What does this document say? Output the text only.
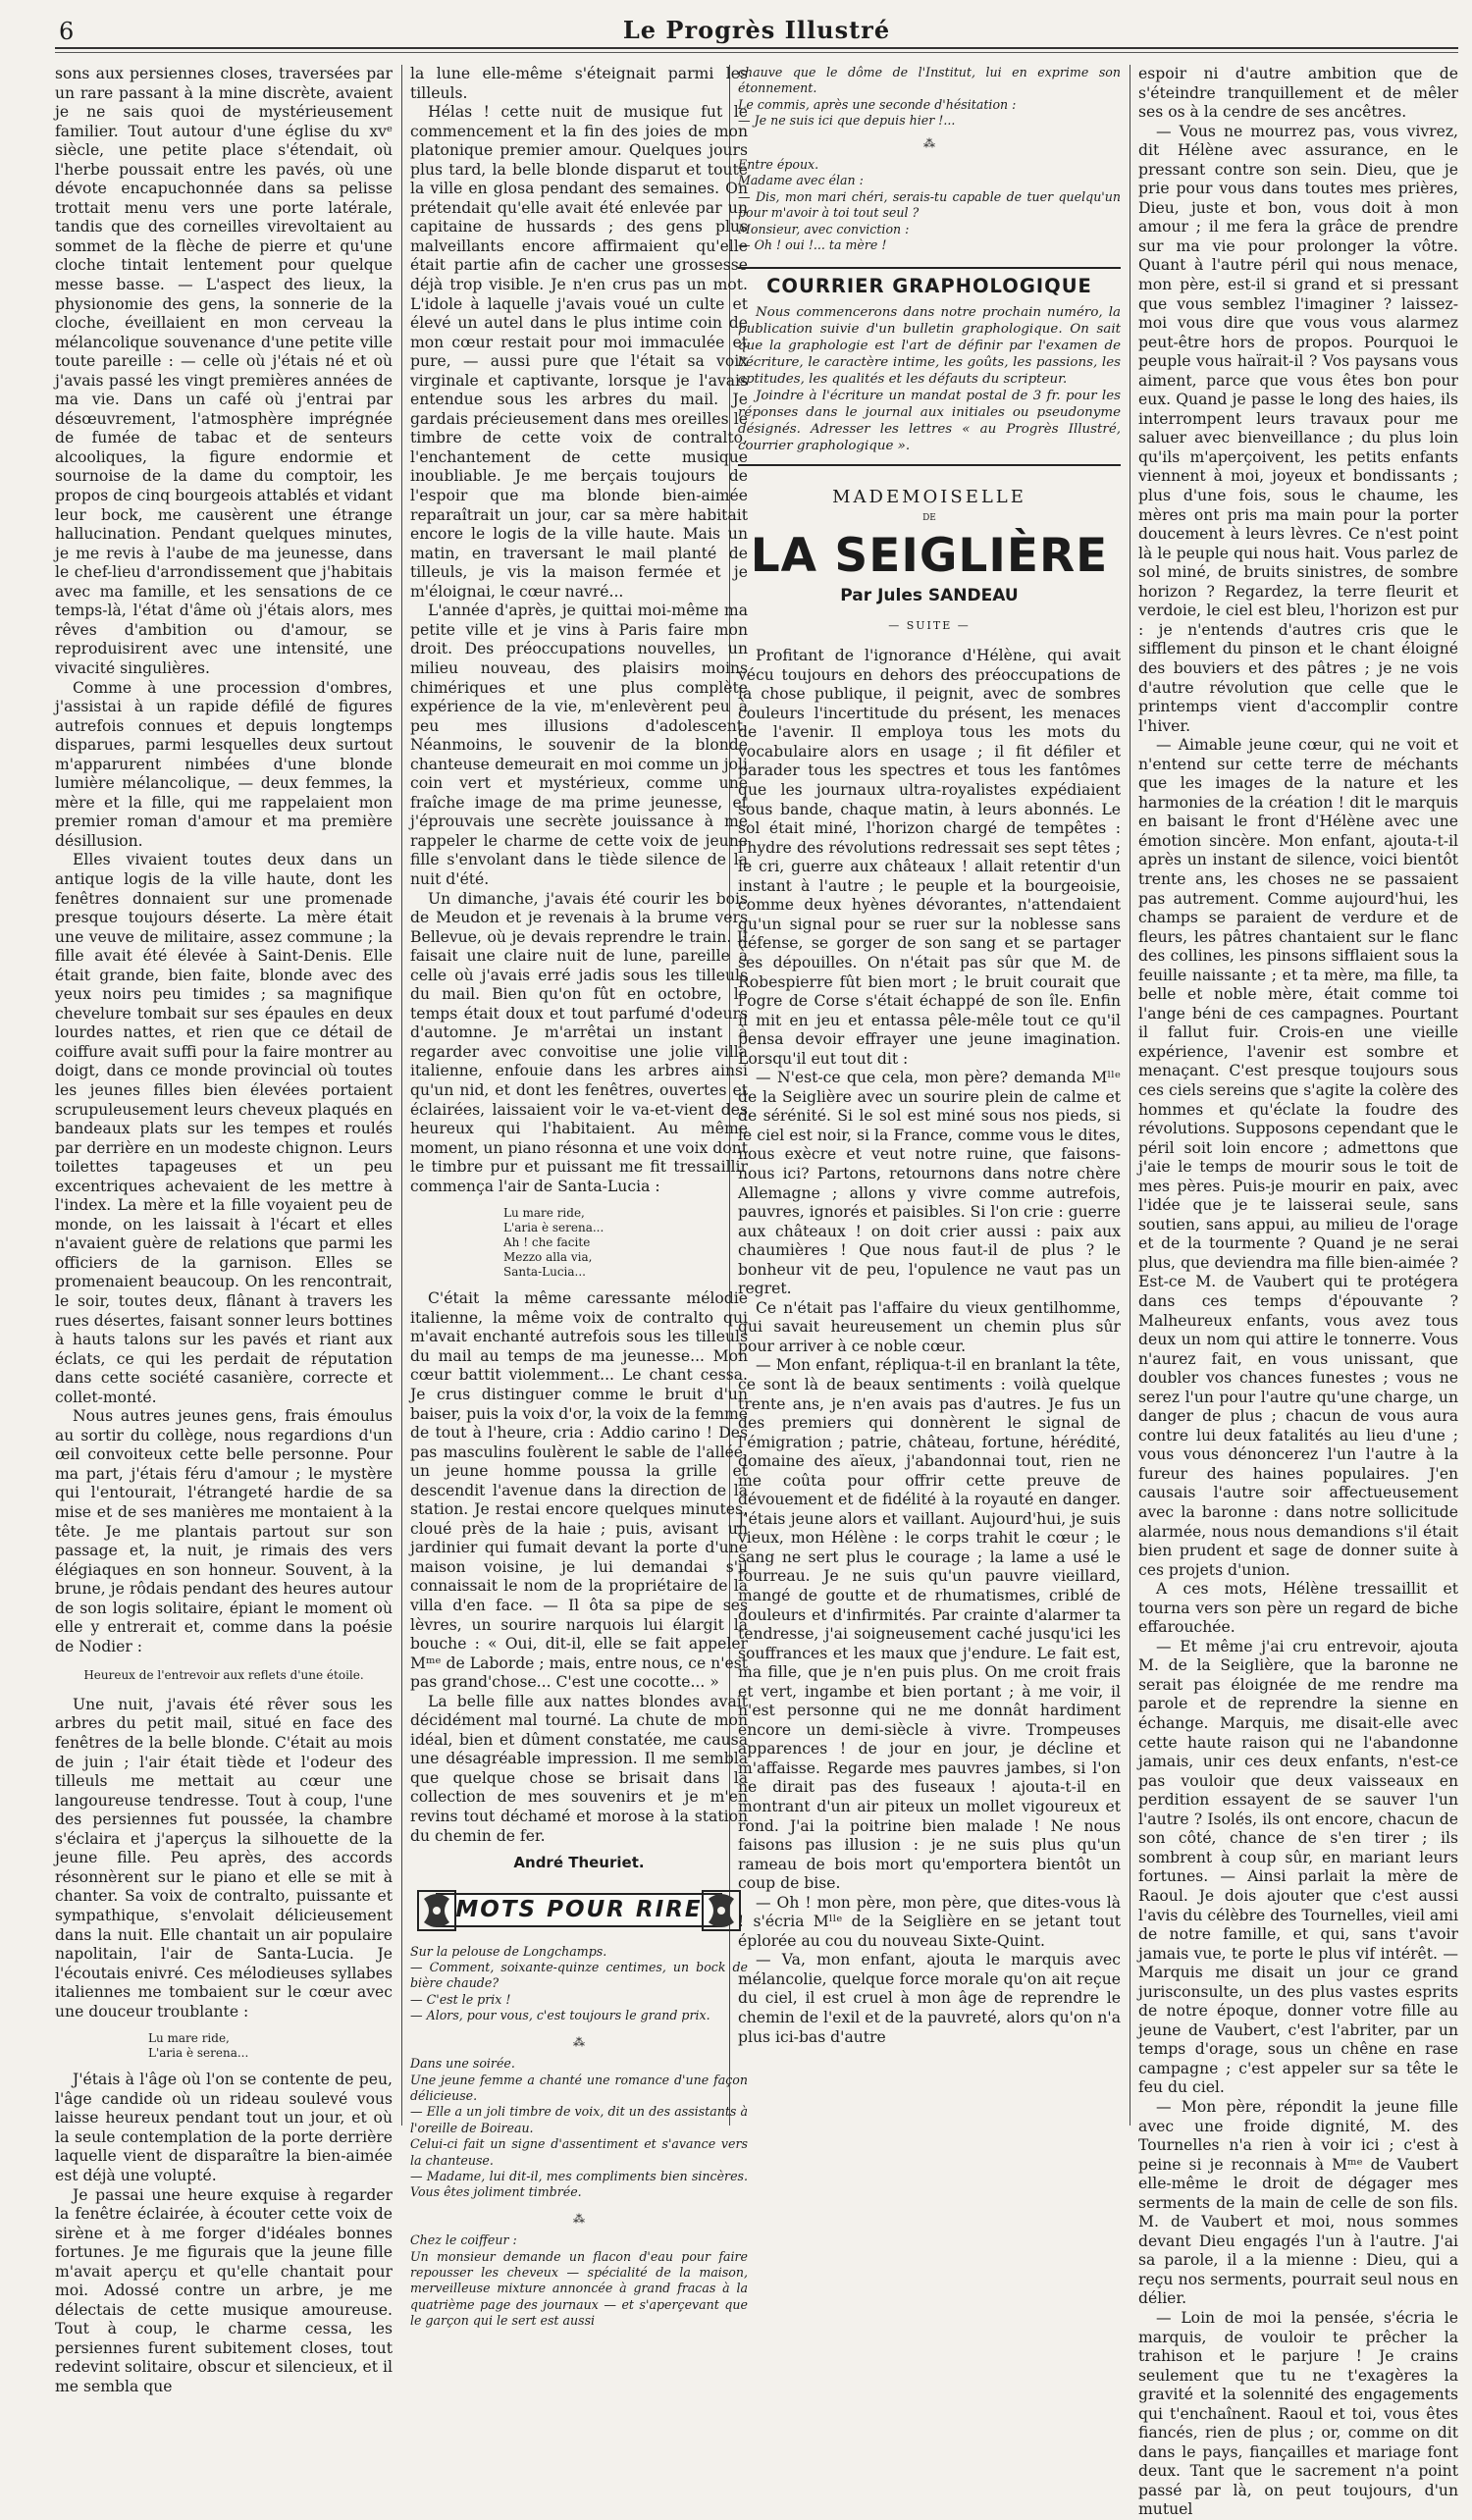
6	Le Progrès Illustré

sons aux persiennes closes, traversées par un rare passant à la mine discrète, avaient je ne sais quoi de mystérieusement familier. Tout autour d'une église du xvᵉ siècle, une petite place s'étendait, où l'herbe poussait entre les pavés, où une dévote encapuchonnée dans sa pelisse trottait menu vers une porte latérale, tandis que des corneilles virevoltaient au sommet de la flèche de pierre et qu'une cloche tintait lentement pour quelque messe basse. — L'aspect des lieux, la physionomie des gens, la sonnerie de la cloche, éveillaient en mon cerveau la mélancolique souvenance d'une petite ville toute pareille : — celle où j'étais né et où j'avais passé les vingt premières années de ma vie. Dans un café où j'entrai par désœuvrement, l'atmosphère imprégnée de fumée de tabac et de senteurs alcooliques, la figure endormie et sournoise de la dame du comptoir, les propos de cinq bourgeois attablés et vidant leur bock, me causèrent une étrange hallucination. Pendant quelques minutes, je me revis à l'aube de ma jeunesse, dans le chef-lieu d'arrondissement que j'habitais avec ma famille, et les sensations de ce temps-là, l'état d'âme où j'étais alors, mes rêves d'ambition ou d'amour, se reproduisirent avec une intensité, une vivacité singulières.

Comme à une procession d'ombres, j'assistai à un rapide défilé de figures autrefois connues et depuis longtemps disparues, parmi lesquelles deux surtout m'apparurent nimbées d'une blonde lumière mélancolique, — deux femmes, la mère et la fille, qui me rappelaient mon premier roman d'amour et ma première désillusion.

Elles vivaient toutes deux dans un antique logis de la ville haute, dont les fenêtres donnaient sur une promenade presque toujours déserte. La mère était une veuve de militaire, assez commune ; la fille avait été élevée à Saint-Denis. Elle était grande, bien faite, blonde avec des yeux noirs peu timides ; sa magnifique chevelure tombait sur ses épaules en deux lourdes nattes, et rien que ce détail de coiffure avait suffi pour la faire montrer au doigt, dans ce monde provincial où toutes les jeunes filles bien élevées portaient scrupuleusement leurs cheveux plaqués en bandeaux plats sur les tempes et roulés par derrière en un modeste chignon. Leurs toilettes tapageuses et un peu excentriques achevaient de les mettre à l'index. La mère et la fille voyaient peu de monde, on les laissait à l'écart et elles n'avaient guère de relations que parmi les officiers de la garnison. Elles se promenaient beaucoup. On les rencontrait, le soir, toutes deux, flânant à travers les rues désertes, faisant sonner leurs bottines à hauts talons sur les pavés et riant aux éclats, ce qui les perdait de réputation dans cette société casanière, correcte et collet-monté.

Nous autres jeunes gens, frais émoulus au sortir du collège, nous regardions d'un œil convoiteux cette belle personne. Pour ma part, j'étais féru d'amour ; le mystère qui l'entourait, l'étrangeté hardie de sa mise et de ses manières me montaient à la tête. Je me plantais partout sur son passage et, la nuit, je rimais des vers élégiaques en son honneur. Souvent, à la brune, je rôdais pendant des heures autour de son logis solitaire, épiant le moment où elle y entrerait et, comme dans la poésie de Nodier :

Heureux de l'entrevoir aux reflets d'une étoile.

Une nuit, j'avais été rêver sous les arbres du petit mail, situé en face des fenêtres de la belle blonde. C'était au mois de juin ; l'air était tiède et l'odeur des tilleuls me mettait au cœur une langoureuse tendresse. Tout à coup, l'une des persiennes fut poussée, la chambre s'éclaira et j'aperçus la silhouette de la jeune fille. Peu après, des accords résonnèrent sur le piano et elle se mit à chanter. Sa voix de contralto, puissante et sympathique, s'envolait délicieusement dans la nuit. Elle chantait un air populaire napolitain, l'air de Santa-Lucia. Je l'écoutais enivré. Ces mélodieuses syllabes italiennes me tombaient sur le cœur avec une douceur troublante :

Lu mare ride,
L'aria è serena...

J'étais à l'âge où l'on se contente de peu, l'âge candide où un rideau soulevé vous laisse heureux pendant tout un jour, et où la seule contemplation de la porte derrière laquelle vient de disparaître la bien-aimée est déjà une volupté.

Je passai une heure exquise à regarder la fenêtre éclairée, à écouter cette voix de sirène et à me forger d'idéales bonnes fortunes. Je me figurais que la jeune fille m'avait aperçu et qu'elle chantait pour moi. Adossé contre un arbre, je me délectais de cette musique amoureuse. Tout à coup, le charme cessa, les persiennes furent subitement closes, tout redevint solitaire, obscur et silencieux, et il me sembla que

la lune elle-même s'éteignait parmi les tilleuls.

Hélas ! cette nuit de musique fut le commencement et la fin des joies de mon platonique premier amour. Quelques jours plus tard, la belle blonde disparut et toute la ville en glosa pendant des semaines. On prétendait qu'elle avait été enlevée par un capitaine de hussards ; des gens plus malveillants encore affirmaient qu'elle était partie afin de cacher une grossesse déjà trop visible. Je n'en crus pas un mot. L'idole à laquelle j'avais voué un culte et élevé un autel dans le plus intime coin de mon cœur restait pour moi immaculée et pure, — aussi pure que l'était sa voix virginale et captivante, lorsque je l'avais entendue sous les arbres du mail. Je gardais précieusement dans mes oreilles le timbre de cette voix de contralto, l'enchantement de cette musique inoubliable. Je me berçais toujours de l'espoir que ma blonde bien-aimée reparaîtrait un jour, car sa mère habitait encore le logis de la ville haute. Mais un matin, en traversant le mail planté de tilleuls, je vis la maison fermée et je m'éloignai, le cœur navré...

L'année d'après, je quittai moi-même ma petite ville et je vins à Paris faire mon droit. Des préoccupations nouvelles, un milieu nouveau, des plaisirs moins chimériques et une plus complète expérience de la vie, m'enlevèrent peu à peu mes illusions d'adolescent. Néanmoins, le souvenir de la blonde chanteuse demeurait en moi comme un joli coin vert et mystérieux, comme une fraîche image de ma prime jeunesse, et j'éprouvais une secrète jouissance à me rappeler le charme de cette voix de jeune fille s'envolant dans le tiède silence de la nuit d'été.

Un dimanche, j'avais été courir les bois de Meudon et je revenais à la brume vers Bellevue, où je devais reprendre le train. Il faisait une claire nuit de lune, pareille à celle où j'avais erré jadis sous les tilleuls du mail. Bien qu'on fût en octobre, le temps était doux et tout parfumé d'odeurs d'automne. Je m'arrêtai un instant à regarder avec convoitise une jolie villa italienne, enfouie dans les arbres ainsi qu'un nid, et dont les fenêtres, ouvertes et éclairées, laissaient voir le va-et-vient des heureux qui l'habitaient. Au même moment, un piano résonna et une voix dont le timbre pur et puissant me fit tressaillir commença l'air de Santa-Lucia :

Lu mare ride,
L'aria è serena...
Ah ! che facite
Mezzo alla via,
Santa-Lucia...

C'était la même caressante mélodie italienne, la même voix de contralto qui m'avait enchanté autrefois sous les tilleuls du mail au temps de ma jeunesse... Mon cœur battit violemment... Le chant cessa. Je crus distinguer comme le bruit d'un baiser, puis la voix d'or, la voix de la femme de tout à l'heure, cria : Addio carino ! Des pas masculins foulèrent le sable de l'allée, un jeune homme poussa la grille et descendit l'avenue dans la direction de la station. Je restai encore quelques minutes, cloué près de la haie ; puis, avisant un jardinier qui fumait devant la porte d'une maison voisine, je lui demandai s'il connaissait le nom de la propriétaire de la villa d'en face. — Il ôta sa pipe de ses lèvres, un sourire narquois lui élargit la bouche : « Oui, dit-il, elle se fait appeler Mᵐᵉ de Laborde ; mais, entre nous, ce n'est pas grand'chose... C'est une cocotte... »

La belle fille aux nattes blondes avait décidément mal tourné. La chute de mon idéal, bien et dûment constatée, me causa une désagréable impression. Il me sembla que quelque chose se brisait dans la collection de mes souvenirs et je m'en revins tout déchamé et morose à la station du chemin de fer.

André Theuriet.
MOTS POUR RIRE

Sur la pelouse de Longchamps.

— Comment, soixante-quinze centimes, un bock de bière chaude?

— C'est le prix !

— Alors, pour vous, c'est toujours le grand prix.

⁂

Dans une soirée.

Une jeune femme a chanté une romance d'une façon délicieuse.

— Elle a un joli timbre de voix, dit un des assistants à l'oreille de Boireau.

Celui-ci fait un signe d'assentiment et s'avance vers la chanteuse.

— Madame, lui dit-il, mes compliments bien sincères. Vous êtes joliment timbrée.

⁂

Chez le coiffeur :

Un monsieur demande un flacon d'eau pour faire repousser les cheveux — spécialité de la maison, merveilleuse mixture annoncée à grand fracas à la quatrième page des journaux — et s'aperçevant que le garçon qui le sert est aussi

chauve que le dôme de l'Institut, lui en exprime son étonnement.

Le commis, après une seconde d'hésitation :

— Je ne suis ici que depuis hier !...

⁂

Entre époux.

Madame avec élan :

— Dis, mon mari chéri, serais-tu capable de tuer quelqu'un pour m'avoir à toi tout seul ?

Monsieur, avec conviction :

— Oh ! oui !... ta mère !

COURRIER GRAPHOLOGIQUE

Nous commencerons dans notre prochain numéro, la publication suivie d'un bulletin graphologique. On sait que la graphologie est l'art de définir par l'examen de l'écriture, le caractère intime, les goûts, les passions, les aptitudes, les qualités et les défauts du scripteur.

Joindre à l'écriture un mandat postal de 3 fr. pour les réponses dans le journal aux initiales ou pseudonyme désignés. Adresser les lettres « au Progrès Illustré, courrier graphologique ».

MADEMOISELLE
DE
LA SEIGLIÈRE
Par Jules SANDEAU
— SUITE —

Profitant de l'ignorance d'Hélène, qui avait vécu toujours en dehors des préoccupations de la chose publique, il peignit, avec de sombres couleurs l'incertitude du présent, les menaces de l'avenir. Il employa tous les mots du vocabulaire alors en usage ; il fit défiler et parader tous les spectres et tous les fantômes que les journaux ultra-royalistes expédiaient sous bande, chaque matin, à leurs abonnés. Le sol était miné, l'horizon chargé de tempêtes : l'hydre des révolutions redressait ses sept têtes ; le cri, guerre aux châteaux ! allait retentir d'un instant à l'autre ; le peuple et la bourgeoisie, comme deux hyènes dévorantes, n'attendaient qu'un signal pour se ruer sur la noblesse sans défense, se gorger de son sang et se partager ses dépouilles. On n'était pas sûr que M. de Robespierre fût bien mort ; le bruit courait que l'ogre de Corse s'était échappé de son île. Enfin il mit en jeu et entassa pêle-mêle tout ce qu'il pensa devoir effrayer une jeune imagination. Lorsqu'il eut tout dit :

— N'est-ce que cela, mon père? demanda Mˡˡᵉ de la Seiglière avec un sourire plein de calme et de sérénité. Si le sol est miné sous nos pieds, si le ciel est noir, si la France, comme vous le dites, nous exècre et veut notre ruine, que faisons-nous ici? Partons, retournons dans notre chère Allemagne ; allons y vivre comme autrefois, pauvres, ignorés et paisibles. Si l'on crie : guerre aux châteaux ! on doit crier aussi : paix aux chaumières ! Que nous faut-il de plus ? le bonheur vit de peu, l'opulence ne vaut pas un regret.

Ce n'était pas l'affaire du vieux gentilhomme, qui savait heureusement un chemin plus sûr pour arriver à ce noble cœur.

— Mon enfant, répliqua-t-il en branlant la tête, ce sont là de beaux sentiments : voilà quelque trente ans, je n'en avais pas d'autres. Je fus un des premiers qui donnèrent le signal de l'émigration ; patrie, château, fortune, hérédité, domaine des aïeux, j'abandonnai tout, rien ne me coûta pour offrir cette preuve de dévouement et de fidélité à la royauté en danger. J'étais jeune alors et vaillant. Aujourd'hui, je suis vieux, mon Hélène : le corps trahit le cœur ; le sang ne sert plus le courage ; la lame a usé le fourreau. Je ne suis qu'un pauvre vieillard, mangé de goutte et de rhumatismes, criblé de douleurs et d'infirmités. Par crainte d'alarmer ta tendresse, j'ai soigneusement caché jusqu'ici les souffrances et les maux que j'endure. Le fait est, ma fille, que je n'en puis plus. On me croit frais et vert, ingambe et bien portant ; à me voir, il n'est personne qui ne me donnât hardiment encore un demi-siècle à vivre. Trompeuses apparences ! de jour en jour, je décline et m'affaisse. Regarde mes pauvres jambes, si l'on ne dirait pas des fuseaux ! ajouta-t-il en montrant d'un air piteux un mollet vigoureux et rond. J'ai la poitrine bien malade ! Ne nous faisons pas illusion : je ne suis plus qu'un rameau de bois mort qu'emportera bientôt un coup de bise.

— Oh ! mon père, mon père, que dites-vous là ! s'écria Mˡˡᵉ de la Seiglière en se jetant tout éplorée au cou du nouveau Sixte-Quint.

— Va, mon enfant, ajouta le marquis avec mélancolie, quelque force morale qu'on ait reçue du ciel, il est cruel à mon âge de reprendre le chemin de l'exil et de la pauvreté, alors qu'on n'a plus ici-bas d'autre

espoir ni d'autre ambition que de s'éteindre tranquillement et de mêler ses os à la cendre de ses ancêtres.

— Vous ne mourrez pas, vous vivrez, dit Hélène avec assurance, en le pressant contre son sein. Dieu, que je prie pour vous dans toutes mes prières, Dieu, juste et bon, vous doit à mon amour ; il me fera la grâce de prendre sur ma vie pour prolonger la vôtre. Quant à l'autre péril qui nous menace, mon père, est-il si grand et si pressant que vous semblez l'imaginer ? laissez-moi vous dire que vous vous alarmez peut-être hors de propos. Pourquoi le peuple vous haïrait-il ? Vos paysans vous aiment, parce que vous êtes bon pour eux. Quand je passe le long des haies, ils interrompent leurs travaux pour me saluer avec bienveillance ; du plus loin qu'ils m'aperçoivent, les petits enfants viennent à moi, joyeux et bondissants ; plus d'une fois, sous le chaume, les mères ont pris ma main pour la porter doucement à leurs lèvres. Ce n'est point là le peuple qui nous hait. Vous parlez de sol miné, de bruits sinistres, de sombre horizon ? Regardez, la terre fleurit et verdoie, le ciel est bleu, l'horizon est pur : je n'entends d'autres cris que le sifflement du pinson et le chant éloigné des bouviers et des pâtres ; je ne vois d'autre révolution que celle que le printemps vient d'accomplir contre l'hiver.

— Aimable jeune cœur, qui ne voit et n'entend sur cette terre de méchants que les images de la nature et les harmonies de la création ! dit le marquis en baisant le front d'Hélène avec une émotion sincère. Mon enfant, ajouta-t-il après un instant de silence, voici bientôt trente ans, les choses ne se passaient pas autrement. Comme aujourd'hui, les champs se paraient de verdure et de fleurs, les pâtres chantaient sur le flanc des collines, les pinsons sifflaient sous la feuille naissante ; et ta mère, ma fille, ta belle et noble mère, était comme toi l'ange béni de ces campagnes. Pourtant il fallut fuir. Crois-en une vieille expérience, l'avenir est sombre et menaçant. C'est presque toujours sous ces ciels sereins que s'agite la colère des hommes et qu'éclate la foudre des révolutions. Supposons cependant que le péril soit loin encore ; admettons que j'aie le temps de mourir sous le toit de mes pères. Puis-je mourir en paix, avec l'idée que je te laisserai seule, sans soutien, sans appui, au milieu de l'orage et de la tourmente ? Quand je ne serai plus, que deviendra ma fille bien-aimée ? Est-ce M. de Vaubert qui te protégera dans ces temps d'épouvante ? Malheureux enfants, vous avez tous deux un nom qui attire le tonnerre. Vous n'aurez fait, en vous unissant, que doubler vos chances funestes ; vous ne serez l'un pour l'autre qu'une charge, un danger de plus ; chacun de vous aura contre lui deux fatalités au lieu d'une ; vous vous dénoncerez l'un l'autre à la fureur des haines populaires. J'en causais l'autre soir affectueusement avec la baronne : dans notre sollicitude alarmée, nous nous demandions s'il était bien prudent et sage de donner suite à ces projets d'union.

A ces mots, Hélène tressaillit et tourna vers son père un regard de biche effarouchée.

— Et même j'ai cru entrevoir, ajouta M. de la Seiglière, que la baronne ne serait pas éloignée de me rendre ma parole et de reprendre la sienne en échange. Marquis, me disait-elle avec cette haute raison qui ne l'abandonne jamais, unir ces deux enfants, n'est-ce pas vouloir que deux vaisseaux en perdition essayent de se sauver l'un l'autre ? Isolés, ils ont encore, chacun de son côté, chance de s'en tirer ; ils sombrent à coup sûr, en mariant leurs fortunes. — Ainsi parlait la mère de Raoul. Je dois ajouter que c'est aussi l'avis du célèbre des Tournelles, vieil ami de notre famille, et qui, sans t'avoir jamais vue, te porte le plus vif intérêt. — Marquis me disait un jour ce grand jurisconsulte, un des plus vastes esprits de notre époque, donner votre fille au jeune de Vaubert, c'est l'abriter, par un temps d'orage, sous un chêne en rase campagne ; c'est appeler sur sa tête le feu du ciel.

— Mon père, répondit la jeune fille avec une froide dignité, M. des Tournelles n'a rien à voir ici ; c'est à peine si je reconnais à Mᵐᵉ de Vaubert elle-même le droit de dégager mes serments de la main de celle de son fils. M. de Vaubert et moi, nous sommes devant Dieu engagés l'un à l'autre. J'ai sa parole, il a la mienne : Dieu, qui a reçu nos serments, pourrait seul nous en délier.

— Loin de moi la pensée, s'écria le marquis, de vouloir te prêcher la trahison et le parjure ! Je crains seulement que tu ne t'exagères la gravité et la solennité des engagements qui t'enchaînent. Raoul et toi, vous êtes fiancés, rien de plus ; or, comme on dit dans le pays, fiançailles et mariage font deux. Tant que le sacrement n'a point passé par là, on peut toujours, d'un mutuel
